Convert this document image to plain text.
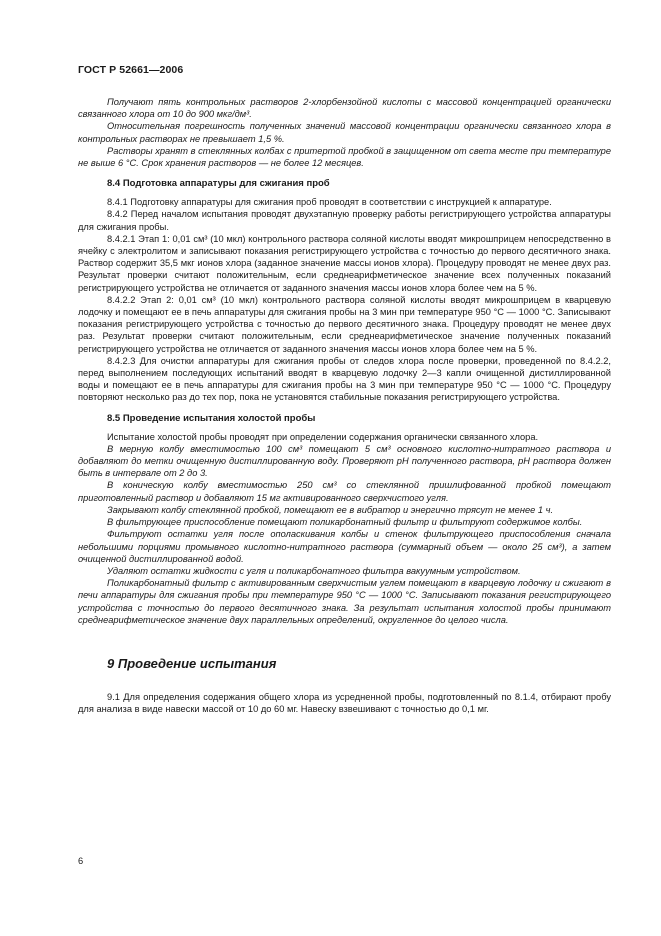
ГОСТ Р 52661—2006

Получают пять контрольных растворов 2-хлорбензойной кислоты с массовой концентрацией органически связанного хлора от 10 до 900 мкг/дм³.

Относительная погрешность полученных значений массовой концентрации органически связанного хлора в контрольных растворах не превышает 1,5 %.

Растворы хранят в стеклянных колбах с притертой пробкой в защищенном от света месте при температуре не выше 6 °С. Срок хранения растворов — не более 12 месяцев.

8.4 Подготовка аппаратуры для сжигания проб

8.4.1 Подготовку аппаратуры для сжигания проб проводят в соответствии с инструкцией к аппаратуре.

8.4.2 Перед началом испытания проводят двухэтапную проверку работы регистрирующего устройства аппаратуры для сжигания пробы.

8.4.2.1 Этап 1: 0,01 см³ (10 мкл) контрольного раствора соляной кислоты вводят микрошприцем непосредственно в ячейку с электролитом и записывают показания регистрирующего устройства с точностью до первого десятичного знака. Раствор содержит 35,5 мкг ионов хлора (заданное значение массы ионов хлора). Процедуру проводят не менее двух раз. Результат проверки считают положительным, если среднеарифметическое значение всех полученных показаний регистрирующего устройства не отличается от заданного значения массы ионов хлора более чем на 5 %.

8.4.2.2 Этап 2: 0,01 см³ (10 мкл) контрольного раствора соляной кислоты вводят микрошприцем в кварцевую лодочку и помещают ее в печь аппаратуры для сжигания пробы на 3 мин при температуре 950 °С — 1000 °С. Записывают показания регистрирующего устройства с точностью до первого десятичного знака. Процедуру проводят не менее двух раз. Результат проверки считают положительным, если среднеарифметическое значение полученных показаний регистрирующего устройства не отличается от заданного значения массы ионов хлора более чем на 5 %.

8.4.2.3 Для очистки аппаратуры для сжигания пробы от следов хлора после проверки, проведенной по 8.4.2.2, перед выполнением последующих испытаний вводят в кварцевую лодочку 2—3 капли очищенной дистиллированной воды и помещают ее в печь аппаратуры для сжигания пробы на 3 мин при температуре 950 °С — 1000 °С. Процедуру повторяют несколько раз до тех пор, пока не установятся стабильные показания регистрирующего устройства.

8.5 Проведение испытания холостой пробы

Испытание холостой пробы проводят при определении содержания органически связанного хлора.

В мерную колбу вместимостью 100 см³ помещают 5 см³ основного кислотно-нитратного раствора и добавляют до метки очищенную дистиллированную воду. Проверяют pH полученного раствора, pH раствора должен быть в интервале от 2 до 3.

В коническую колбу вместимостью 250 см³ со стеклянной пришлифованной пробкой помещают приготовленный раствор и добавляют 15 мг активированного сверхчистого угля.

Закрывают колбу стеклянной пробкой, помещают ее в вибратор и энергично трясут не менее 1 ч.

В фильтрующее приспособление помещают поликарбонатный фильтр и фильтруют содержимое колбы.

Фильтруют остатки угля после ополаскивания колбы и стенок фильтрующего приспособления сначала небольшими порциями промывного кислотно-нитратного раствора (суммарный объем — около 25 см³), а затем очищенной дистиллированной водой.

Удаляют остатки жидкости с угля и поликарбонатного фильтра вакуумным устройством.

Поликарбонатный фильтр с активированным сверхчистым углем помещают в кварцевую лодочку и сжигают в печи аппаратуры для сжигания пробы при температуре 950 °С — 1000 °С. Записывают показания регистрирующего устройства с точностью до первого десятичного знака. За результат испытания холостой пробы принимают среднеарифметическое значение двух параллельных определений, округленное до целого числа.

9 Проведение испытания

9.1 Для определения содержания общего хлора из усредненной пробы, подготовленный по 8.1.4, отбирают пробу для анализа в виде навески массой от 10 до 60 мг. Навеску взвешивают с точностью до 0,1 мг.

6
